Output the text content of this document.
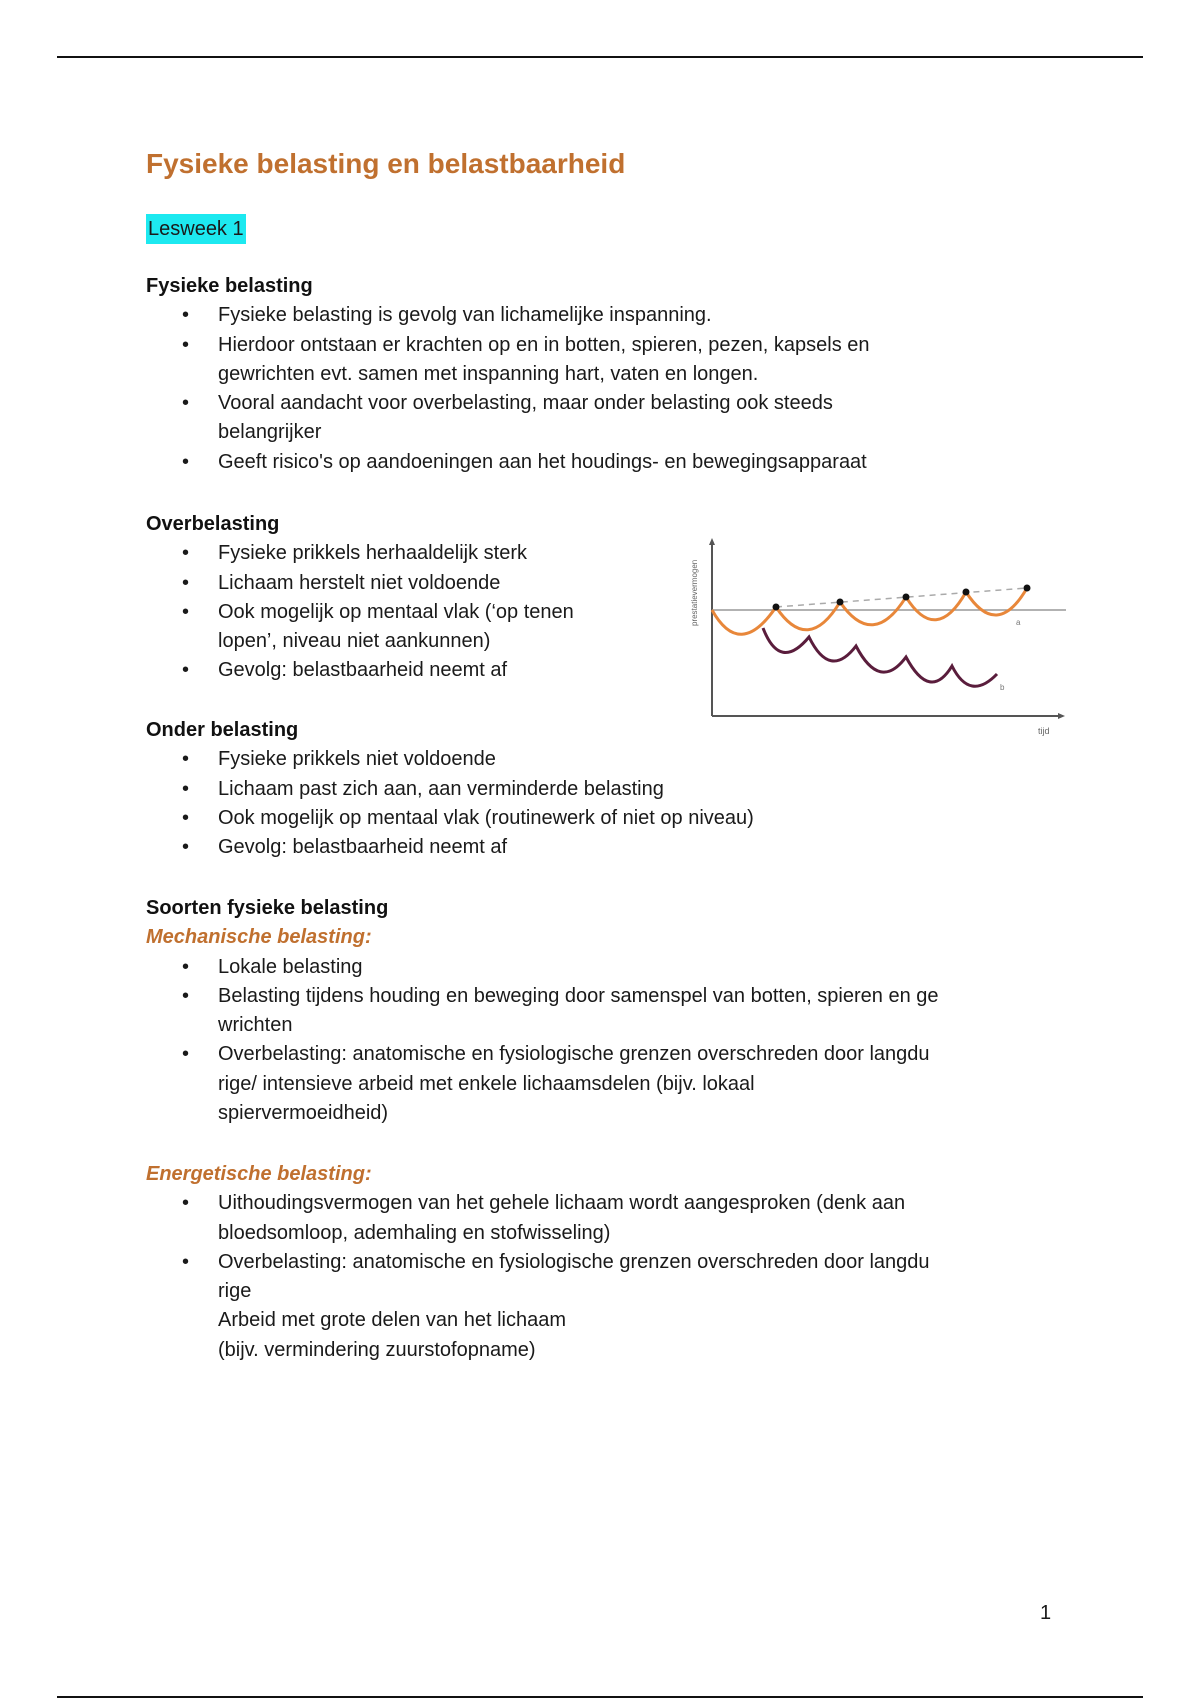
Fysieke belasting en belastbaarheid
Lesweek 1
Fysieke belasting
• Fysieke belasting is gevolg van lichamelijke inspanning.
• Hierdoor ontstaan er krachten op en in botten, spieren, pezen, kapsels en
gewrichten evt. samen met inspanning hart, vaten en longen.
• Vooral aandacht voor overbelasting, maar onder belasting ook steeds
belangrijker
• Geeft risico's op aandoeningen aan het houdings- en bewegingsapparaat
Overbelasting
• Fysieke prikkels herhaaldelijk sterk
• Lichaam herstelt niet voldoende
• Ook mogelijk op mentaal vlak (‘op tenen
lopen’, niveau niet aankunnen)
• Gevolg: belastbaarheid neemt af
Onder belasting
• Fysieke prikkels niet voldoende
• Lichaam past zich aan, aan verminderde belasting
• Ook mogelijk op mentaal vlak (routinewerk of niet op niveau)
• Gevolg: belastbaarheid neemt af
Soorten fysieke belasting
Mechanische belasting:
• Lokale belasting
• Belasting tijdens houding en beweging door samenspel van botten, spieren en ge
wrichten
• Overbelasting: anatomische en fysiologische grenzen overschreden door langdu
rige/ intensieve arbeid met enkele lichaamsdelen (bijv. lokaal
spiervermoeidheid)
Energetische belasting:
• Uithoudingsvermogen van het gehele lichaam wordt aangesproken (denk aan
bloedsomloop, ademhaling en stofwisseling)
• Overbelasting: anatomische en fysiologische grenzen overschreden door langdu
rige
Arbeid met grote delen van het lichaam
(bijv. vermindering zuurstofopname)
prestatievermogen
tijd
a
b
1
